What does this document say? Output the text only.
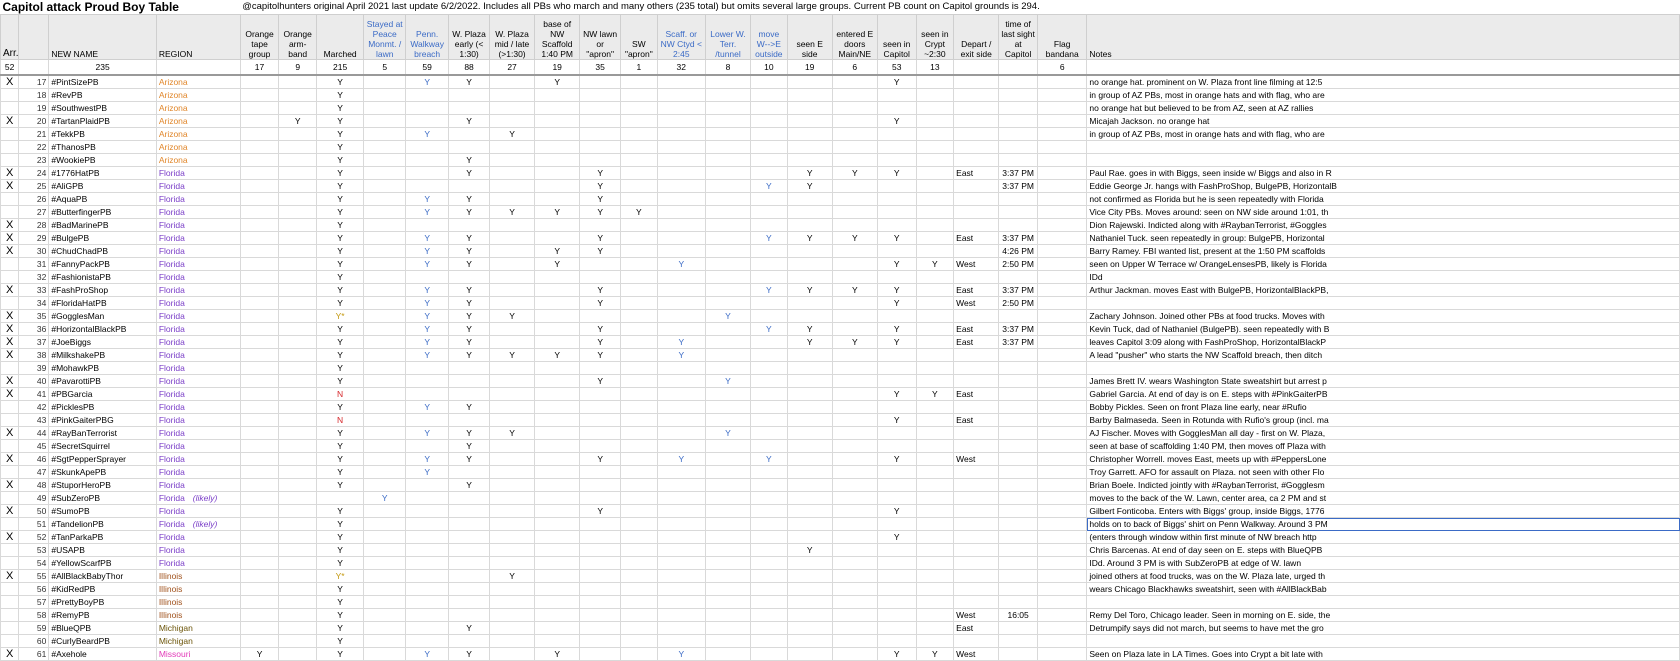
Capitol attack Proud Boy Table				@capitolhunters original April 2021 last update 6/2/2022. Includes all PBs who march and many others (235 total) but omits several large groups. Current PB count on Capitol grounds is 294.																				
Arr.		NEW NAME	REGION	Orange tape group	Orange arm-band	Marched	Stayed at Peace Monmt. / lawn	Penn. Walkway breach	W. Plaza early (< 1:30)	W. Plaza mid / late (>1:30)	base of NW Scaffold 1:40 PM	NW lawn or "apron"	SW "apron"	Scaff. or NW Ctyd < 2:45	Lower W. Terr. /tunnel	move W-->E outside	seen E side	entered E doors Main/NE	seen in Capitol	seen in Crypt ~2:30	Depart / exit side	time of last sight at Capitol	Flag bandana	Notes
52		235		17	9	215	5	59	88	27	19	35	1	32	8	10	19	6	53	13			6	
X	17	#PintSizePB	Arizona			Y		Y	Y		Y								Y					no orange hat. prominent on W. Plaza front line filming at 12:5
	18	#RevPB	Arizona			Y																		in group of AZ PBs, most in orange hats and with flag, who are
	19	#SouthwestPB	Arizona			Y																		no orange hat but believed to be from AZ, seen at AZ rallies
X	20	#TartanPlaidPB	Arizona		Y	Y			Y										Y					Micajah Jackson. no orange hat
	21	#TekkPB	Arizona			Y		Y		Y														in group of AZ PBs, most in orange hats and with flag, who are
	22	#ThanosPB	Arizona			Y																		
	23	#WookiePB	Arizona			Y			Y															
X	24	#1776HatPB	Florida			Y			Y			Y					Y	Y	Y		East	3:37 PM		Paul Rae. goes in with Biggs, seen inside w/ Biggs and also in R
X	25	#AliGPB	Florida			Y						Y				Y	Y					3:37 PM		Eddie George Jr. hangs with FashProShop, BulgePB, HorizontalB
	26	#AquaPB	Florida			Y		Y	Y			Y												not confirmed as Florida but he is seen repeatedly with Florida
	27	#ButterfingerPB	Florida			Y		Y	Y	Y	Y	Y	Y											Vice City PBs. Moves around: seen on NW side around 1:01, th
X	28	#BadMarinePB	Florida			Y																		Dion Rajewski. Indicted along with #RaybanTerrorist, #Goggles
X	29	#BulgePB	Florida			Y		Y	Y			Y				Y	Y	Y	Y		East	3:37 PM		Nathaniel Tuck. seen repeatedly in group: BulgePB, Horizontal
X	30	#ChudChadPB	Florida			Y		Y	Y		Y	Y										4:26 PM		Barry Ramey. FBI wanted list, present at the 1:50 PM scaffolds
	31	#FannyPackPB	Florida			Y		Y	Y		Y			Y					Y	Y	West	2:50 PM		seen on Upper W Terrace w/ OrangeLensesPB, likely is Florida
	32	#FashionistaPB	Florida			Y																		IDd
X	33	#FashProShop	Florida			Y		Y	Y			Y				Y	Y	Y	Y		East	3:37 PM		Arthur Jackman. moves East with BulgePB, HorizontalBlackPB,
	34	#FloridaHatPB	Florida			Y		Y	Y			Y							Y		West	2:50 PM		
X	35	#GogglesMan	Florida			Y*		Y	Y	Y					Y									Zachary Johnson. Joined other PBs at food trucks. Moves with
X	36	#HorizontalBlackPB	Florida			Y		Y	Y			Y				Y	Y		Y		East	3:37 PM		Kevin Tuck, dad of Nathaniel (BulgePB). seen repeatedly with B
X	37	#JoeBiggs	Florida			Y		Y	Y			Y		Y			Y	Y	Y		East	3:37 PM		leaves Capitol 3:09 along with FashProShop, HorizontalBlackP
X	38	#MilkshakePB	Florida			Y		Y	Y	Y	Y	Y		Y										A lead "pusher" who starts the NW Scaffold breach, then ditch
	39	#MohawkPB	Florida			Y																		
X	40	#PavarottiPB	Florida			Y						Y			Y									James Brett IV. wears Washington State sweatshirt but arrest p
X	41	#PBGarcia	Florida			N													Y	Y	East			Gabriel Garcia. At end of day is on E. steps with #PinkGaiterPB
	42	#PicklesPB	Florida			Y		Y	Y															Bobby Pickles. Seen on front Plaza line early, near #Rufio
	43	#PinkGaiterPBG	Florida			N													Y		East			Barby Balmaseda. Seen in Rotunda with Rufio's group (incl. ma
X	44	#RayBanTerrorist	Florida			Y		Y	Y	Y					Y									AJ Fischer. Moves with GogglesMan all day - first on W. Plaza,
	45	#SecretSquirrel	Florida			Y			Y															seen at base of scaffolding 1:40 PM, then moves off Plaza with
X	46	#SgtPepperSprayer	Florida			Y		Y	Y			Y		Y		Y			Y		West			Christopher Worrell. moves East, meets up with #PeppersLone
	47	#SkunkApePB	Florida			Y		Y																Troy Garrett. AFO for assault on Plaza. not seen with other Flo
X	48	#StuporHeroPB	Florida			Y			Y															Brian Boele. Indicted jointly with #RaybanTerrorist, #Gogglesm
	49	#SubZeroPB	Florida (likely)				Y																	moves to the back of the W. Lawn, center area, ca 2 PM and st
X	50	#SumoPB	Florida			Y						Y							Y					Gilbert Fonticoba. Enters with Biggs' group, inside Biggs, 1776
	51	#TandelionPB	Florida (likely)			Y																		holds on to back of Biggs' shirt on Penn Walkway. Around 3 PM
X	52	#TanParkaPB	Florida			Y													Y					(enters through window within first minute of NW breach http
	53	#USAPB	Florida			Y											Y							Chris Barcenas. At end of day seen on E. steps with BlueQPB
	54	#YellowScarfPB	Florida			Y																		IDd. Around 3 PM is with SubZeroPB at edge of W. lawn
X	55	#AllBlackBabyThor	Illinois			Y*				Y														joined others at food trucks, was on the W. Plaza late, urged th
	56	#KidRedPB	Illinois			Y																		wears Chicago Blackhawks sweatshirt, seen with #AllBlackBab
	57	#PrettyBoyPB	Illinois			Y																		
	58	#RemyPB	Illinois			Y															West	16:05		Remy Del Toro, Chicago leader. Seen in morning on E. side, the
	59	#BlueQPB	Michigan			Y			Y												East			Detrumpify says did not march, but seems to have met the gro
	60	#CurlyBeardPB	Michigan			Y																		
X	61	#Axehole	Missouri	Y		Y		Y	Y		Y			Y					Y	Y	West			Seen on Plaza late in LA Times. Goes into Crypt a bit late with
